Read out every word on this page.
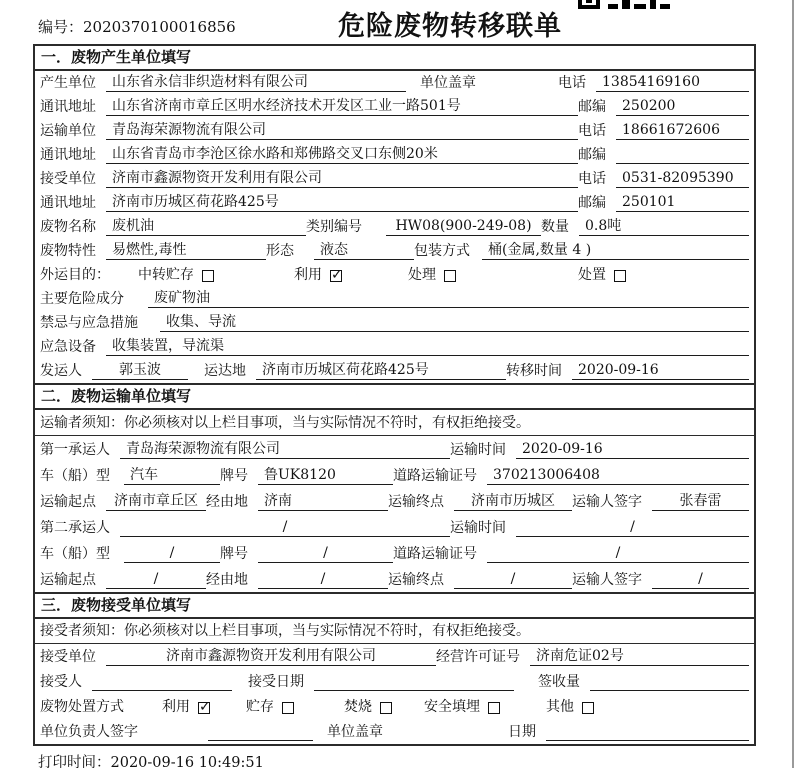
编号：2020370100016856	危险废物转移联单
一．废物产生单位填写
产生单位	山东省永信非织造材料有限公司	单位盖章	电话	13854169160
通讯地址	山东省济南市章丘区明水经济技术开发区工业一路501号	邮编	250200
运输单位	青岛海荣源物流有限公司	电话	18661672606
通讯地址	山东省青岛市李沧区徐水路和郑佛路交叉口东侧20米	邮编
接受单位	济南市鑫源物资开发利用有限公司	电话	0531-82095390
通讯地址	济南市历城区荷花路425号	邮编	250101
废物名称	废机油	类别编号	HW08(900-249-08) 数量	0.8吨
废物特性	易燃性,毒性	形态	液态	包装方式	桶(金属,数量 4 )
外运目的：	中转贮存	利用 ✓	处理	处置
主要危险成分	废矿物油
禁忌与应急措施	收集、导流
应急设备	收集装置，导流渠
发运人	郭玉波	运达地	济南市历城区荷花路425号	转移时间	2020-09-16
二．废物运输单位填写
运输者须知：你必须核对以上栏目事项，当与实际情况不符时，有权拒绝接受。
第一承运人	青岛海荣源物流有限公司	运输时间	2020-09-16
车（船）型	汽车	牌号	鲁UK8120	道路运输证号	370213006408
运输起点	济南市章丘区 经由地	济南	运输终点	济南市历城区	运输人签字	张春雷
第二承运人	/	运输时间	/
车（船）型	/	牌号	/	道路运输证号	/
运输起点	/	经由地	/	运输终点	/	运输人签字	/
三．废物接受单位填写
接受者须知：你必须核对以上栏目事项，当与实际情况不符时，有权拒绝接受。
接受单位	济南市鑫源物资开发利用有限公司	经营许可证号	济南危证02号
接受人	接受日期	签收量
废物处置方式	利用 ✓	贮存	焚烧	安全填埋	其他
单位负责人签字	单位盖章	日期
打印时间：2020-09-16 10:49:51
